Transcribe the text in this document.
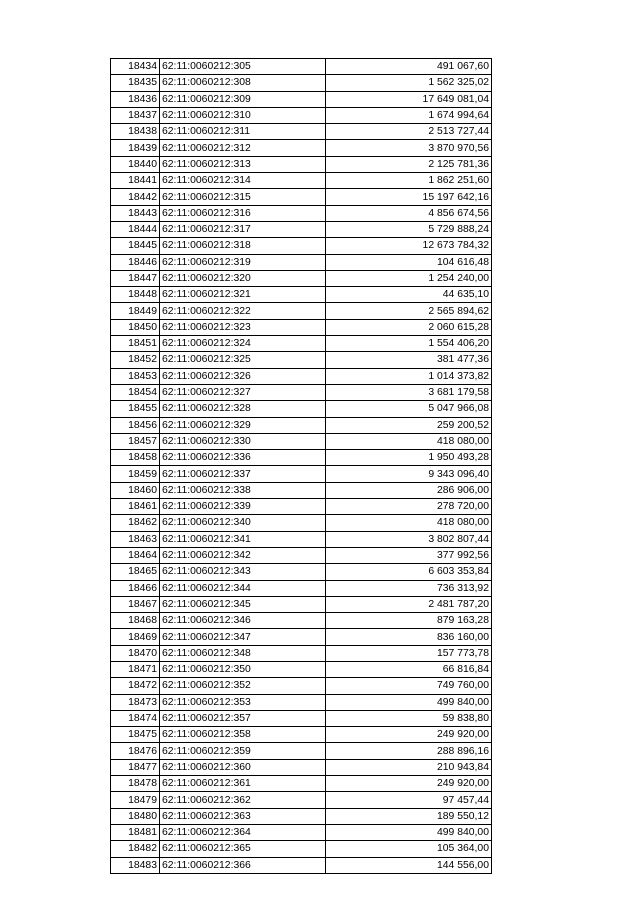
18434	62:11:0060212:305	491 067,60
18435	62:11:0060212:308	1 562 325,02
18436	62:11:0060212:309	17 649 081,04
18437	62:11:0060212:310	1 674 994,64
18438	62:11:0060212:311	2 513 727,44
18439	62:11:0060212:312	3 870 970,56
18440	62:11:0060212:313	2 125 781,36
18441	62:11:0060212:314	1 862 251,60
18442	62:11:0060212:315	15 197 642,16
18443	62:11:0060212:316	4 856 674,56
18444	62:11:0060212:317	5 729 888,24
18445	62:11:0060212:318	12 673 784,32
18446	62:11:0060212:319	104 616,48
18447	62:11:0060212:320	1 254 240,00
18448	62:11:0060212:321	44 635,10
18449	62:11:0060212:322	2 565 894,62
18450	62:11:0060212:323	2 060 615,28
18451	62:11:0060212:324	1 554 406,20
18452	62:11:0060212:325	381 477,36
18453	62:11:0060212:326	1 014 373,82
18454	62:11:0060212:327	3 681 179,58
18455	62:11:0060212:328	5 047 966,08
18456	62:11:0060212:329	259 200,52
18457	62:11:0060212:330	418 080,00
18458	62:11:0060212:336	1 950 493,28
18459	62:11:0060212:337	9 343 096,40
18460	62:11:0060212:338	286 906,00
18461	62:11:0060212:339	278 720,00
18462	62:11:0060212:340	418 080,00
18463	62:11:0060212:341	3 802 807,44
18464	62:11:0060212:342	377 992,56
18465	62:11:0060212:343	6 603 353,84
18466	62:11:0060212:344	736 313,92
18467	62:11:0060212:345	2 481 787,20
18468	62:11:0060212:346	879 163,28
18469	62:11:0060212:347	836 160,00
18470	62:11:0060212:348	157 773,78
18471	62:11:0060212:350	66 816,84
18472	62:11:0060212:352	749 760,00
18473	62:11:0060212:353	499 840,00
18474	62:11:0060212:357	59 838,80
18475	62:11:0060212:358	249 920,00
18476	62:11:0060212:359	288 896,16
18477	62:11:0060212:360	210 943,84
18478	62:11:0060212:361	249 920,00
18479	62:11:0060212:362	97 457,44
18480	62:11:0060212:363	189 550,12
18481	62:11:0060212:364	499 840,00
18482	62:11:0060212:365	105 364,00
18483	62:11:0060212:366	144 556,00
